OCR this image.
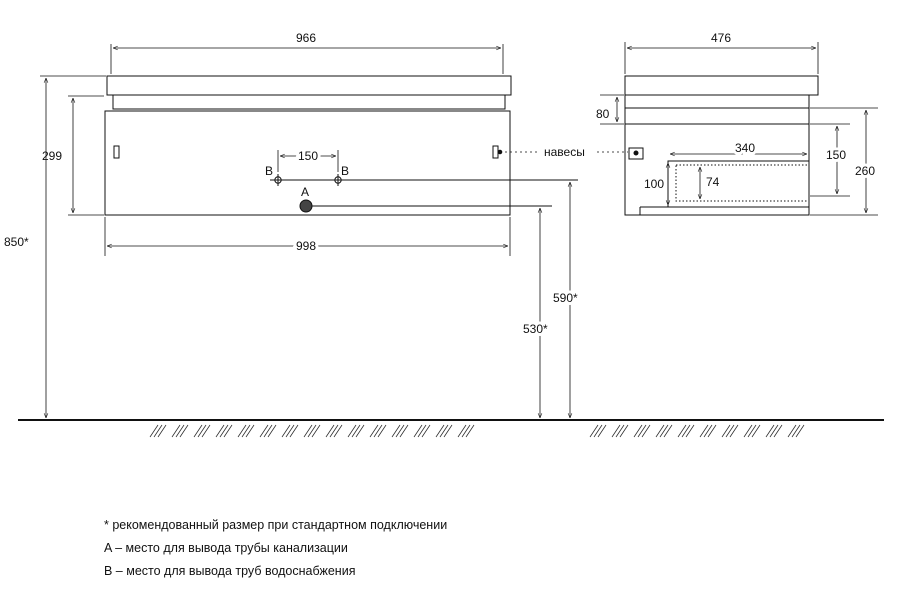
966
998
299
850*
150
B	B
A
590*
530*
476
80
навесы	340
100	74
150
260
* рекомендованный размер при стандартном подключении
A – место для вывода трубы канализации
B – место для вывода труб водоснабжения
